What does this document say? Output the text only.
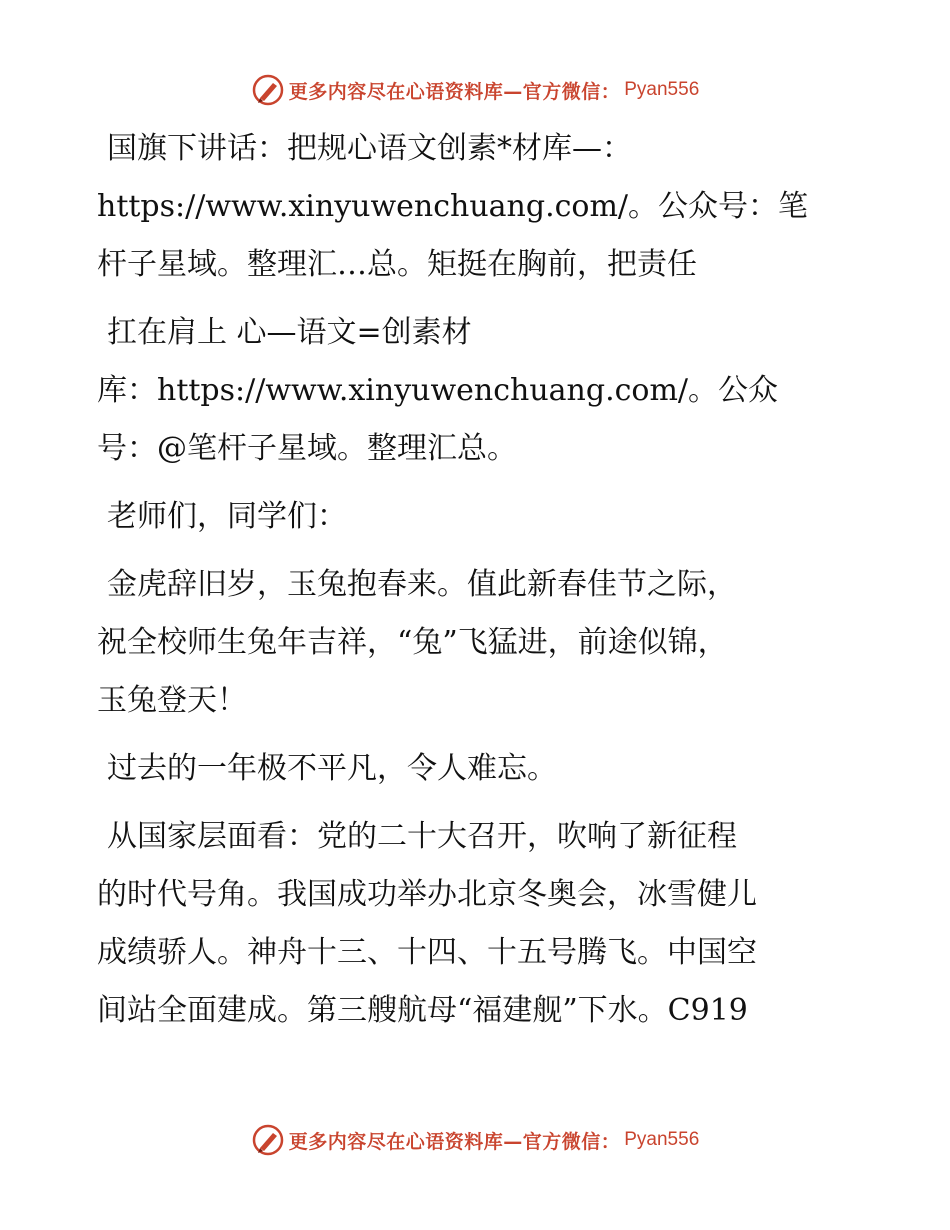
更多内容尽在心语资料库—官方微信： Pyan556

国旗下讲话：把规心语文创素*材库—：
https://www.xinyuwenchuang.com/。公众号：笔
杆子星域。整理汇…总。矩挺在胸前，把责任

扛在肩上 心—语文=创素材
库：https://www.xinyuwenchuang.com/。公众
号：@笔杆子星域。整理汇总。

老师们，同学们：

金虎辞旧岁，玉兔抱春来。值此新春佳节之际，
祝全校师生兔年吉祥，“兔”飞猛进，前途似锦，
玉兔登天！

过去的一年极不平凡，令人难忘。

从国家层面看：党的二十大召开，吹响了新征程
的时代号角。我国成功举办北京冬奥会，冰雪健儿
成绩骄人。神舟十三、十四、十五号腾飞。中国空
间站全面建成。第三艘航母“福建舰”下水。C919

更多内容尽在心语资料库—官方微信： Pyan556
